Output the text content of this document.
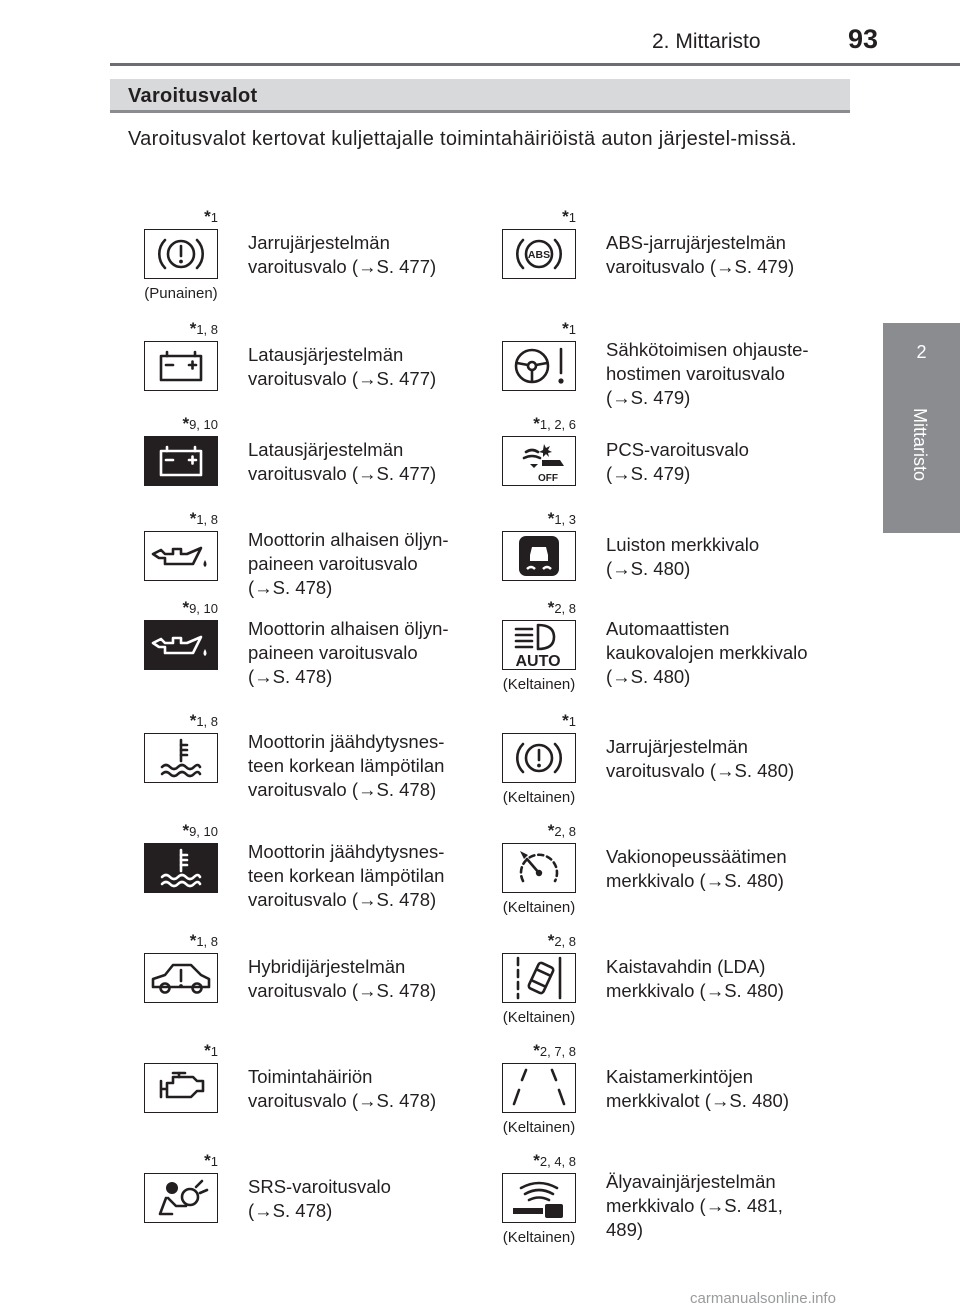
2. Mittaristo	93
2
Mittaristo
Varoitusvalot
Varoitusvalot kertovat kuljettajalle toimintahäiriöistä auton järjestel-missä.
*1
(Punainen)
Jarrujärjestelmän
varoitusvalo (→S. 477)
*1, 8
Latausjärjestelmän
varoitusvalo (→S. 477)
*9, 10
Latausjärjestelmän
varoitusvalo (→S. 477)
*1, 8
Moottorin alhaisen öljyn-
paineen varoitusvalo
(→S. 478)
*9, 10
Moottorin alhaisen öljyn-
paineen varoitusvalo
(→S. 478)
*1, 8
Moottorin jäähdytysnes-
teen korkean lämpötilan
varoitusvalo (→S. 478)
*9, 10
Moottorin jäähdytysnes-
teen korkean lämpötilan
varoitusvalo (→S. 478)
*1, 8
Hybridijärjestelmän
varoitusvalo (→S. 478)
*1
Toimintahäiriön
varoitusvalo (→S. 478)
*1
SRS-varoitusvalo
(→S. 478)
*1
ABS
ABS-jarrujärjestelmän
varoitusvalo (→S. 479)
*1
Sähkötoimisen ohjauste-
hostimen varoitusvalo
(→S. 479)
*1, 2, 6
OFF
PCS-varoitusvalo
(→S. 479)
*1, 3
Luiston merkkivalo
(→S. 480)
*2, 8
AUTO
(Keltainen)
Automaattisten
kaukovalojen merkkivalo
(→S. 480)
*1
(Keltainen)
Jarrujärjestelmän
varoitusvalo (→S. 480)
*2, 8
(Keltainen)
Vakionopeussäätimen
merkkivalo (→S. 480)
*2, 8
(Keltainen)
Kaistavahdin (LDA)
merkkivalo (→S. 480)
*2, 7, 8
(Keltainen)
Kaistamerkintöjen
merkkivalot (→S. 480)
*2, 4, 8
(Keltainen)
Älyavainjärjestelmän
merkkivalo (→S. 481,
489)
carmanualsonline.info
